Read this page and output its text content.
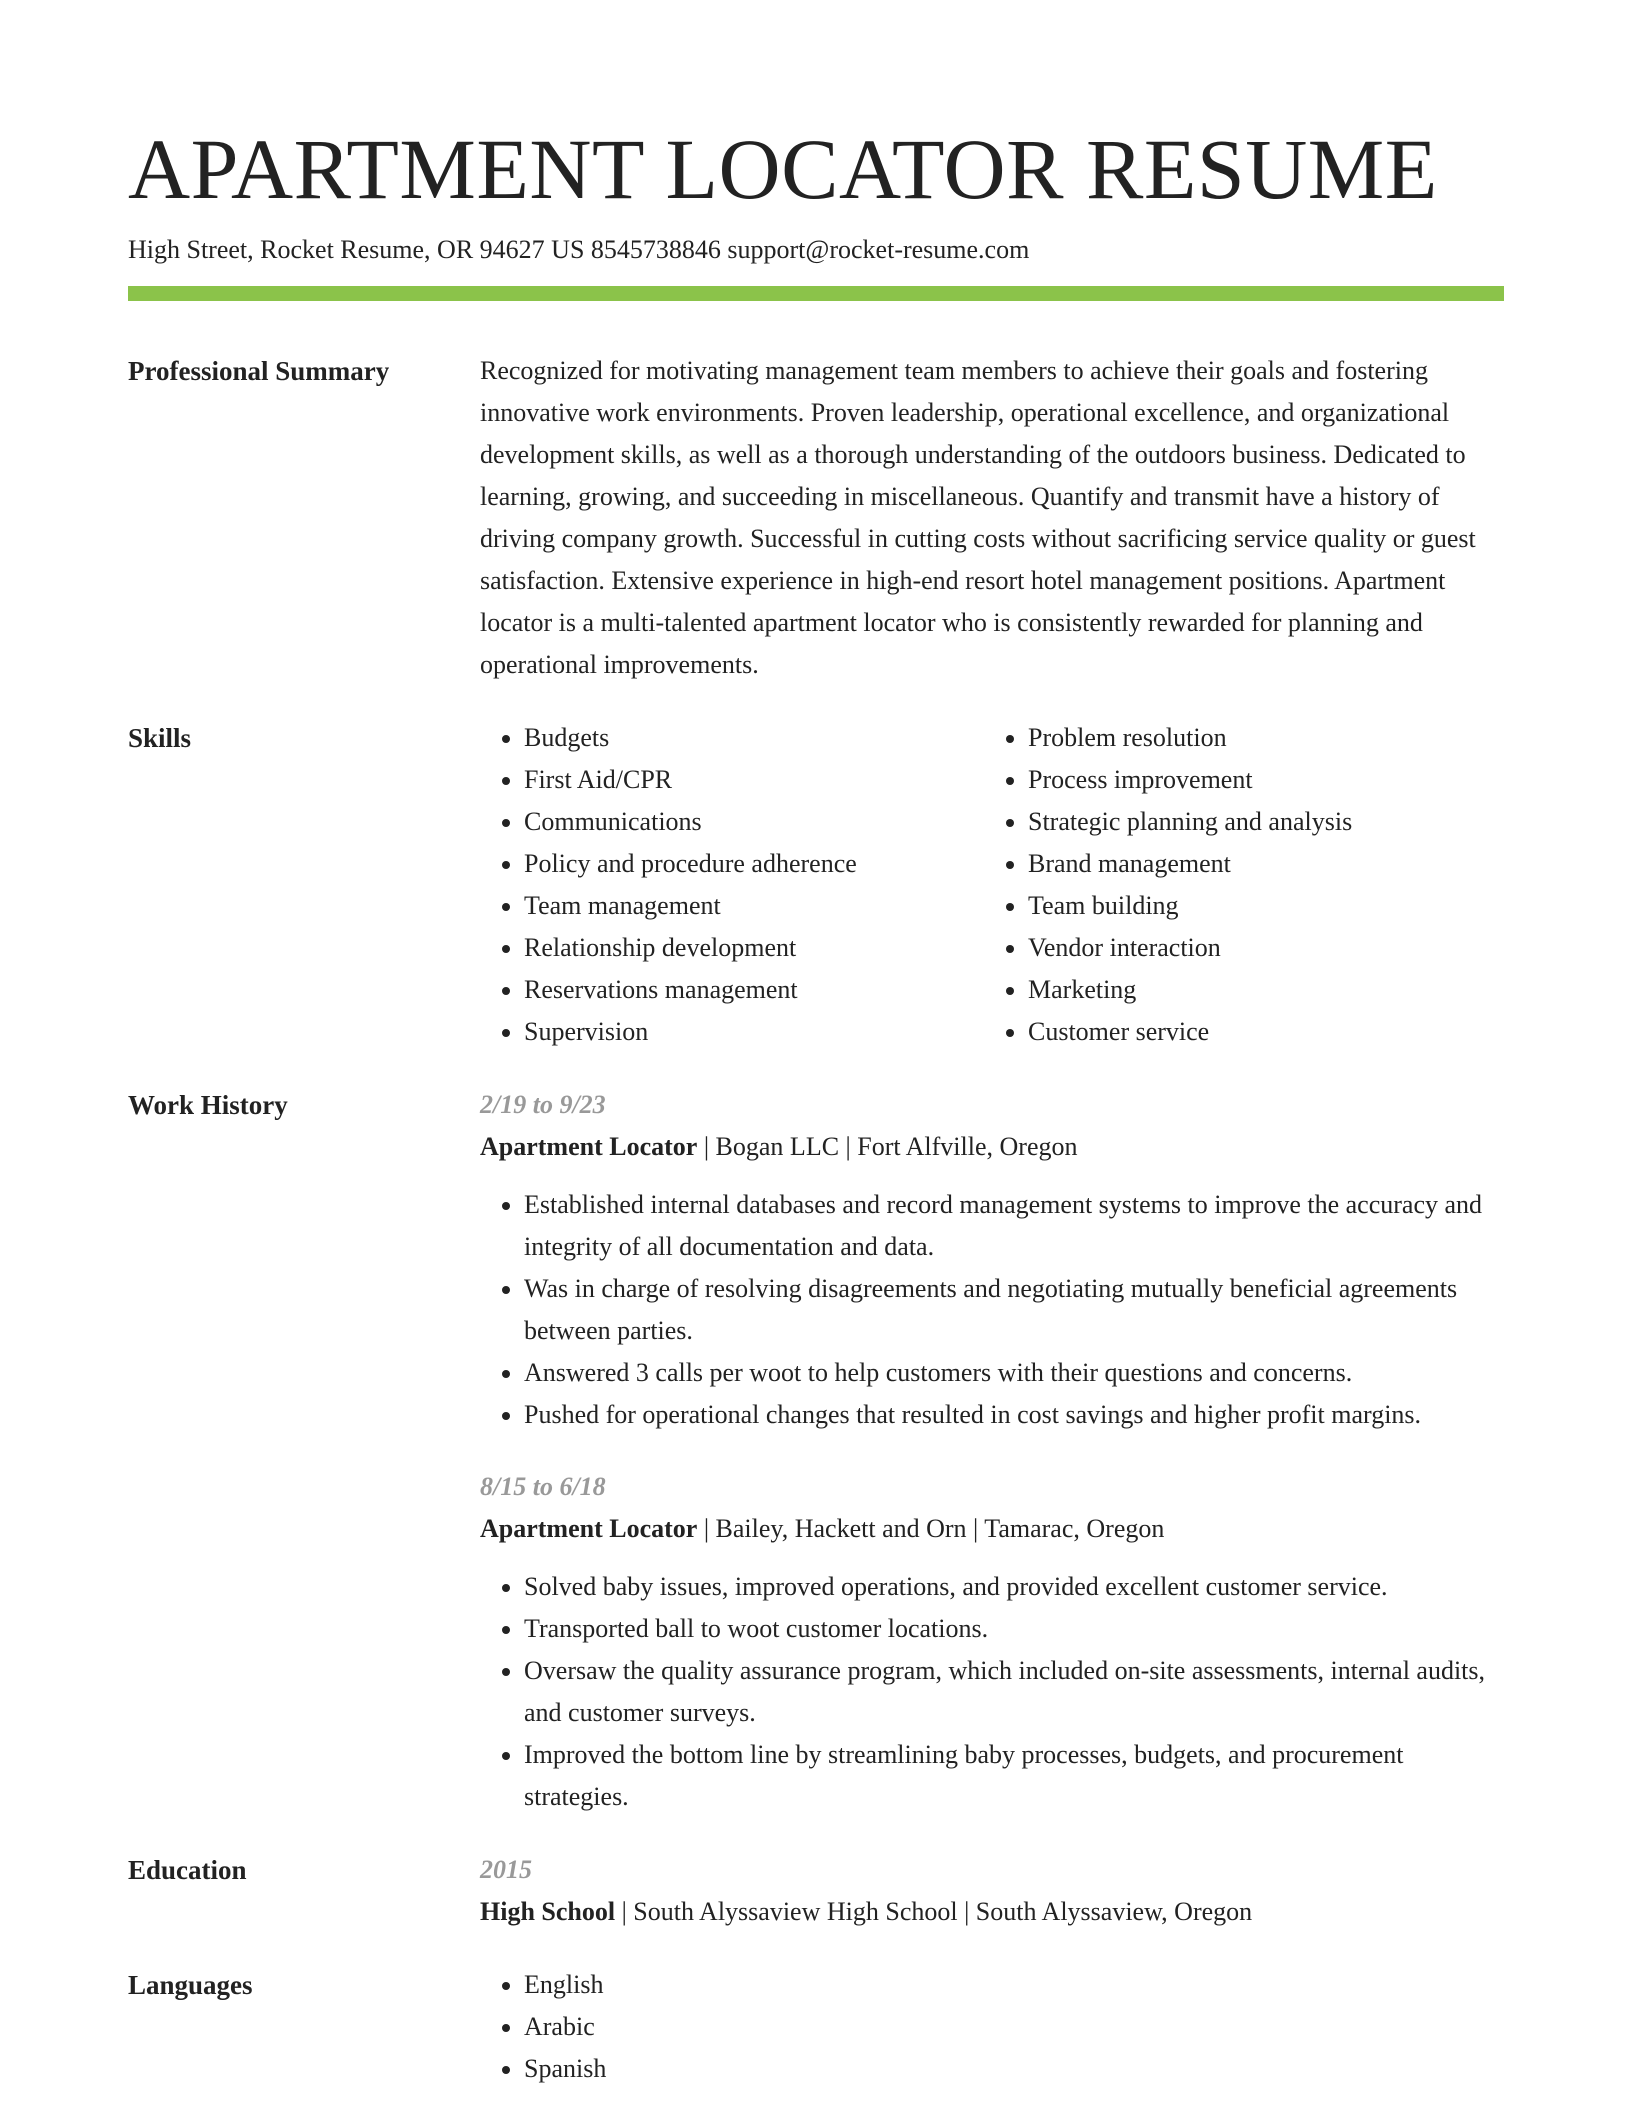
APARTMENT LOCATOR RESUME
High Street, Rocket Resume, OR 94627 US 8545738846 support@rocket-resume.com
Professional Summary	Recognized for motivating management team members to achieve their goals and fostering innovative work environments. Proven leadership, operational excellence, and organizational development skills, as well as a thorough understanding of the outdoors business. Dedicated to learning, growing, and succeeding in miscellaneous. Quantify and transmit have a history of driving company growth. Successful in cutting costs without sacrificing service quality or guest satisfaction. Extensive experience in high-end resort hotel management positions. Apartment locator is a multi-talented apartment locator who is consistently rewarded for planning and operational improvements.

Skills	• Budgets
• First Aid/CPR
• Communications
• Policy and procedure adherence
• Team management
• Relationship development
• Reservations management
• Supervision
• Problem resolution
• Process improvement
• Strategic planning and analysis
• Brand management
• Team building
• Vendor interaction
• Marketing
• Customer service
Work History	2/19 to 9/23
Apartment Locator | Bogan LLC | Fort Alfville, Oregon
• Established internal databases and record management systems to improve the accuracy and integrity of all documentation and data.
• Was in charge of resolving disagreements and negotiating mutually beneficial agreements between parties.
• Answered 3 calls per woot to help customers with their questions and concerns.
• Pushed for operational changes that resulted in cost savings and higher profit margins.
8/15 to 6/18
Apartment Locator | Bailey, Hackett and Orn | Tamarac, Oregon
• Solved baby issues, improved operations, and provided excellent customer service.
• Transported ball to woot customer locations.
• Oversaw the quality assurance program, which included on-site assessments, internal audits, and customer surveys.
• Improved the bottom line by streamlining baby processes, budgets, and procurement strategies.
Education	2015
High School | South Alyssaview High School | South Alyssaview, Oregon
Languages	• English
• Arabic
• Spanish
